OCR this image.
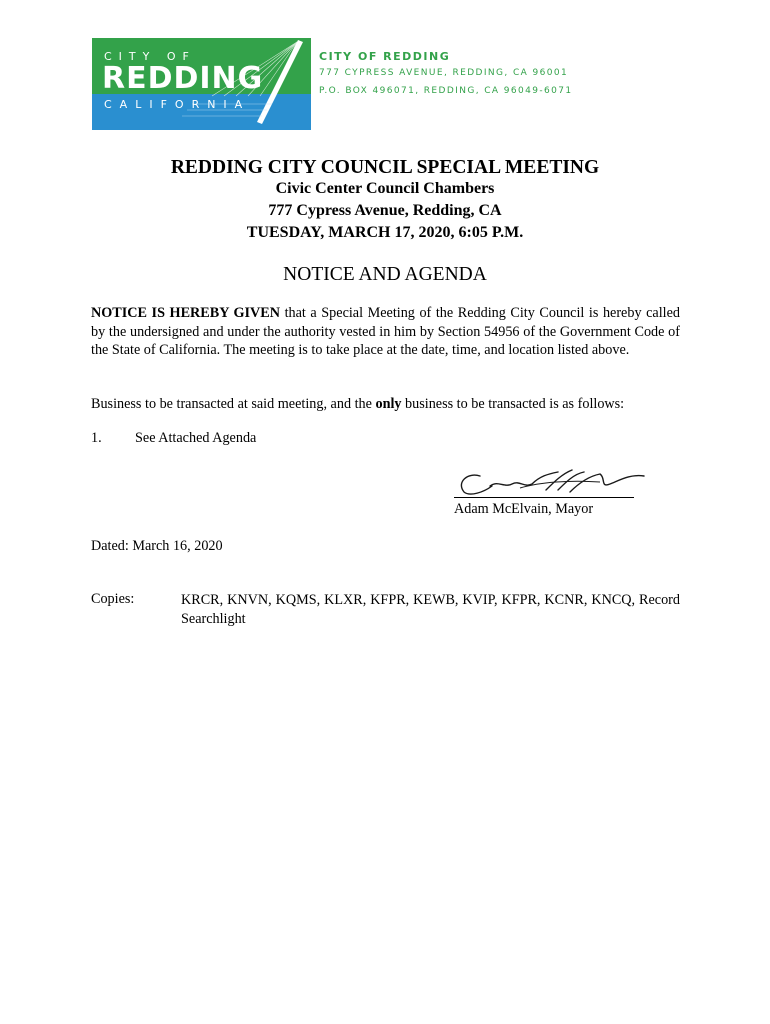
CITY OF
REDDING
CALIFORNIA
CITY OF REDDING
777 CYPRESS AVENUE, REDDING, CA 96001
P.O. BOX 496071, REDDING, CA 96049-6071
REDDING CITY COUNCIL SPECIAL MEETING
Civic Center Council Chambers
777 Cypress Avenue, Redding, CA
TUESDAY, MARCH 17, 2020, 6:05 P.M.
NOTICE AND AGENDA
NOTICE IS HEREBY GIVEN that a Special Meeting of the Redding City Council is hereby called by the undersigned and under the authority vested in him by Section 54956 of the Government Code of the State of California. The meeting is to take place at the date, time, and location listed above.
Business to be transacted at said meeting, and the only business to be transacted is as follows:
1. See Attached Agenda
Adam McElvain, Mayor
Dated: March 16, 2020
Copies:	KRCR, KNVN, KQMS, KLXR, KFPR, KEWB, KVIP, KFPR, KCNR, KNCQ, Record Searchlight
